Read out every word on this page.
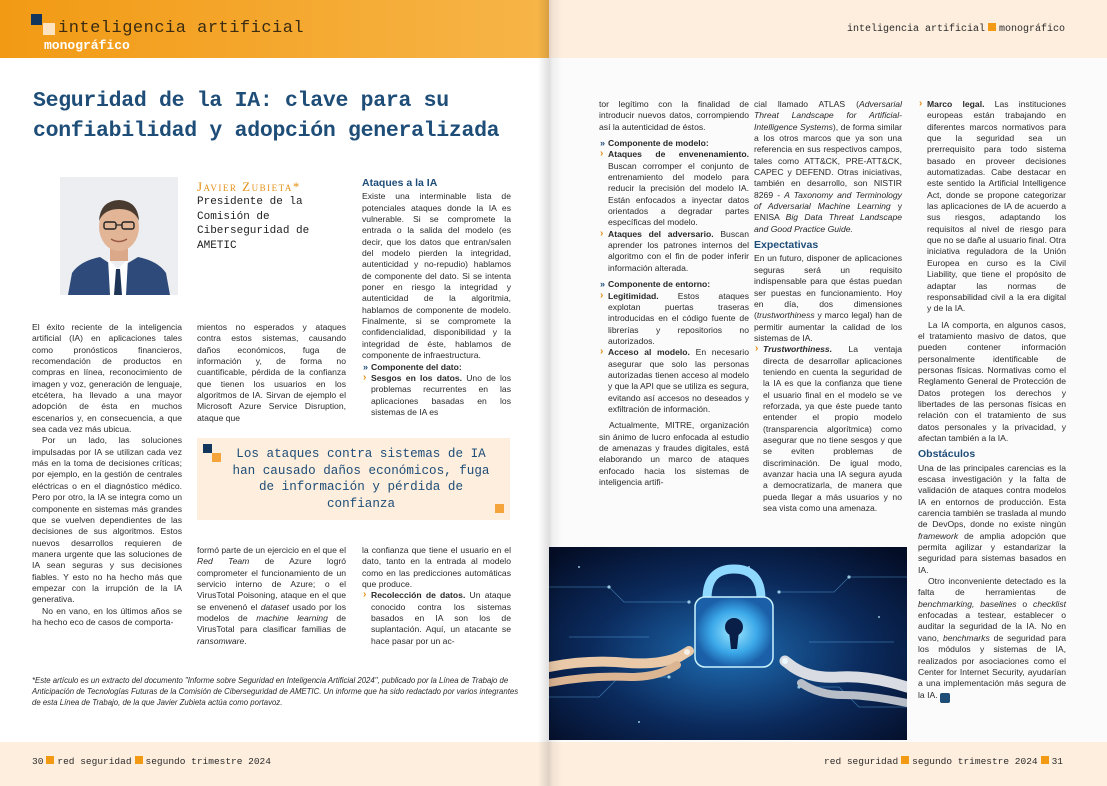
inteligencia artificial
monográfico
Seguridad de la IA: clave para su confiabilidad y adopción generalizada
Javier Zubieta*
Presidente de la Comisión de Ciberseguridad de AMETIC

El éxito reciente de la inteligencia artificial (IA) en aplicaciones tales como pronósticos financieros, recomendación de productos en compras en línea, reconocimiento de imagen y voz, generación de lenguaje, etcétera, ha llevado a una mayor adopción de ésta en muchos escenarios y, en consecuencia, a que sea cada vez más ubicua.

Por un lado, las soluciones impulsadas por IA se utilizan cada vez más en la toma de decisiones críticas; por ejemplo, en la gestión de centrales eléctricas o en el diagnóstico médico. Pero por otro, la IA se integra como un componente en sistemas más grandes que se vuelven dependientes de las decisiones de sus algoritmos. Estos nuevos desarrollos requieren de manera urgente que las soluciones de IA sean seguras y sus decisiones fiables. Y esto no ha hecho más que empezar con la irrupción de la IA generativa.

No en vano, en los últimos años se ha hecho eco de casos de comporta-

mientos no esperados y ataques contra estos sistemas, causando daños económicos, fuga de información y, de forma no cuantificable, pérdida de la confianza que tienen los usuarios en los algoritmos de IA. Sirvan de ejemplo el Microsoft Azure Service Disruption, ataque que

Ataques a la IA

Existe una interminable lista de potenciales ataques donde la IA es vulnerable. Si se compromete la entrada o la salida del modelo (es decir, que los datos que entran/salen del modelo pierden la integridad, autenticidad y no-repudio) hablamos de componente del dato. Si se intenta poner en riesgo la integridad y autenticidad de la algoritmia, hablamos de componente de modelo. Finalmente, si se compromete la confidencialidad, disponibilidad y la integridad de éste, hablamos de componente de infraestructura.

» Componente del dato:

› Sesgos en los datos. Uno de los problemas recurrentes en las aplicaciones basadas en los sistemas de IA es

Los ataques contra sistemas de IA han causado daños económicos, fuga de información y pérdida de confianza

formó parte de un ejercicio en el que el Red Team de Azure logró comprometer el funcionamiento de un servicio interno de Azure; o el VirusTotal Poisoning, ataque en el que se envenenó el dataset usado por los modelos de machine learning de VirusTotal para clasificar familias de ransomware.

la confianza que tiene el usuario en el dato, tanto en la entrada al modelo como en las predicciones automáticas que produce.

› Recolección de datos. Un ataque conocido contra los sistemas basados en IA son los de suplantación. Aquí, un atacante se hace pasar por un ac-

*Este artículo es un extracto del documento "Informe sobre Seguridad en Inteligencia Artificial 2024", publicado por la Línea de Trabajo de Anticipación de Tecnologías Futuras de la Comisión de Ciberseguridad de AMETIC. Un informe que ha sido redactado por varios integrantes de esta Línea de Trabajo, de la que Javier Zubieta actúa como portavoz.
30 red seguridad segundo trimestre 2024
inteligencia artificial monográfico

tor legítimo con la finalidad de introducir nuevos datos, corrompiendo así la autenticidad de éstos.

» Componente de modelo:

› Ataques de envenenamiento. Buscan corromper el conjunto de entrenamiento del modelo para reducir la precisión del modelo IA. Están enfocados a inyectar datos orientados a degradar partes específicas del modelo.

› Ataques del adversario. Buscan aprender los patrones internos del algoritmo con el fin de poder inferir información alterada.

» Componente de entorno:

› Legitimidad. Estos ataques explotan puertas traseras introducidas en el código fuente de librerías y repositorios no autorizados.

› Acceso al modelo. En necesario asegurar que solo las personas autorizadas tienen acceso al modelo y que la API que se utiliza es segura, evitando así accesos no deseados y exfiltración de información.

Actualmente, MITRE, organización sin ánimo de lucro enfocada al estudio de amenazas y fraudes digitales, está elaborando un marco de ataques enfocado hacia los sistemas de inteligencia artifi-

cial llamado ATLAS (Adversarial Threat Landscape for Artificial-Intelligence Systems), de forma similar a los otros marcos que ya son una referencia en sus respectivos campos, tales como ATT&CK, PRE-ATT&CK, CAPEC y DEFEND. Otras iniciativas, también en desarrollo, son NISTIR 8269 - A Taxonomy and Terminology of Adversarial Machine Learning y ENISA Big Data Threat Landscape and Good Practice Guide.

Expectativas

En un futuro, disponer de aplicaciones seguras será un requisito indispensable para que éstas puedan ser puestas en funcionamiento. Hoy en día, dos dimensiones (trustworthiness y marco legal) han de permitir aumentar la calidad de los sistemas de IA.

› Trustworthiness. La ventaja directa de desarrollar aplicaciones teniendo en cuenta la seguridad de la IA es que la confianza que tiene el usuario final en el modelo se ve reforzada, ya que éste puede tanto entender el propio modelo (transparencia algorítmica) como asegurar que no tiene sesgos y que se eviten problemas de discriminación. De igual modo, avanzar hacia una IA segura ayuda a democratizarla, de manera que pueda llegar a más usuarios y no sea vista como una amenaza.

› Marco legal. Las instituciones europeas están trabajando en diferentes marcos normativos para que la seguridad sea un prerrequisito para todo sistema basado en proveer decisiones automatizadas. Cabe destacar en este sentido la Artificial Intelligence Act, donde se propone categorizar las aplicaciones de IA de acuerdo a sus riesgos, adaptando los requisitos al nivel de riesgo para que no se dañe al usuario final. Otra iniciativa reguladora de la Unión Europea en curso es la Civil Liability, que tiene el propósito de adaptar las normas de responsabilidad civil a la era digital y de la IA.

La IA comporta, en algunos casos, el tratamiento masivo de datos, que pueden contener información personalmente identificable de personas físicas. Normativas como el Reglamento General de Protección de Datos protegen los derechos y libertades de las personas físicas en relación con el tratamiento de sus datos personales y la privacidad, y afectan también a la IA.

Obstáculos

Una de las principales carencias es la escasa investigación y la falta de validación de ataques contra modelos IA en entornos de producción. Esta carencia también se traslada al mundo de DevOps, donde no existe ningún framework de amplia adopción que permita agilizar y estandarizar la seguridad para sistemas basados en IA.

Otro inconveniente detectado es la falta de herramientas de benchmarking, baselines o checklist enfocadas a testear, establecer o auditar la seguridad de la IA. No en vano, benchmarks de seguridad para los módulos y sistemas de IA, realizados por asociaciones como el Center for Internet Security, ayudarían a una implementación más segura de la IA. r

red seguridad segundo trimestre 2024 31
